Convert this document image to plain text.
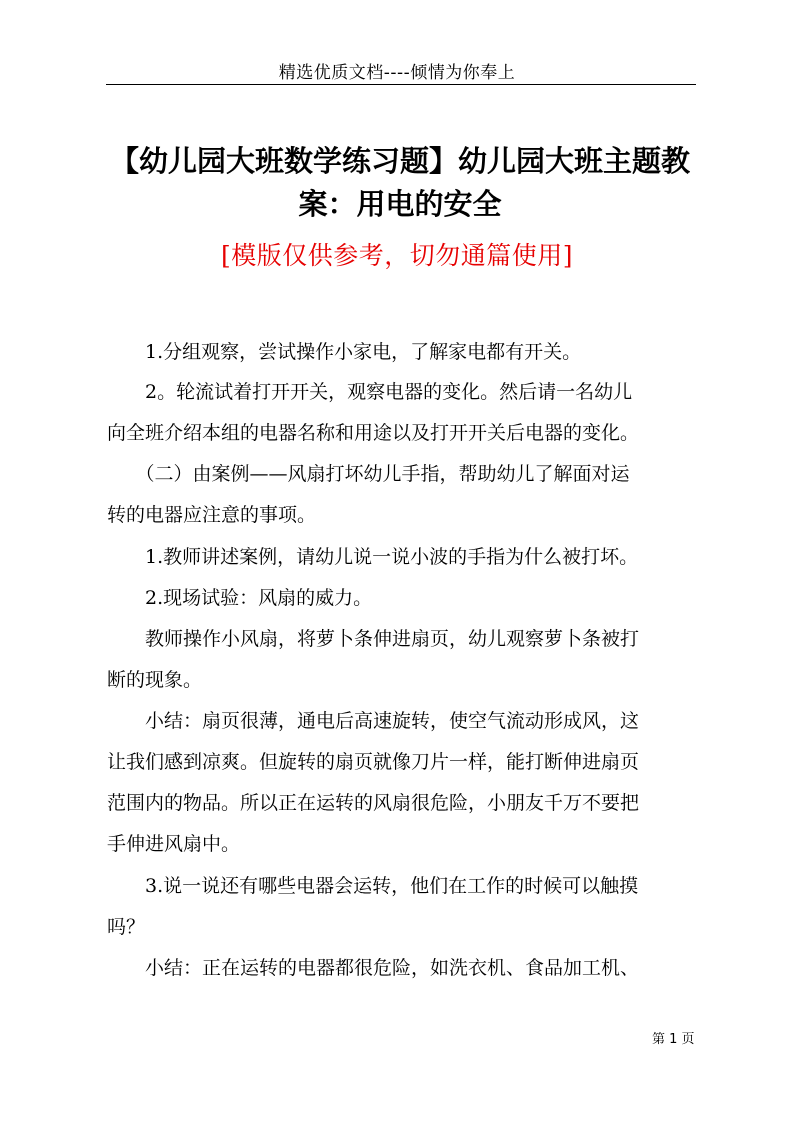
精选优质文档----倾情为你奉上
【幼儿园大班数学练习题】幼儿园大班主题教
案：用电的安全
[模版仅供参考，切勿通篇使用]
　　1.分组观察，尝试操作小家电，了解家电都有开关。
　　2。轮流试着打开开关，观察电器的变化。然后请一名幼儿
向全班介绍本组的电器名称和用途以及打开开关后电器的变化。
　　（二）由案例——风扇打坏幼儿手指，帮助幼儿了解面对运
转的电器应注意的事项。
　　1.教师讲述案例，请幼儿说一说小波的手指为什么被打坏。
　　2.现场试验：风扇的威力。
　　教师操作小风扇，将萝卜条伸进扇页，幼儿观察萝卜条被打
断的现象。
　　小结：扇页很薄，通电后高速旋转，使空气流动形成风，这
让我们感到凉爽。但旋转的扇页就像刀片一样，能打断伸进扇页
范围内的物品。所以正在运转的风扇很危险，小朋友千万不要把
手伸进风扇中。
　　3.说一说还有哪些电器会运转，他们在工作的时候可以触摸
吗？
　　小结：正在运转的电器都很危险，如洗衣机、食品加工机、
第 1 页
